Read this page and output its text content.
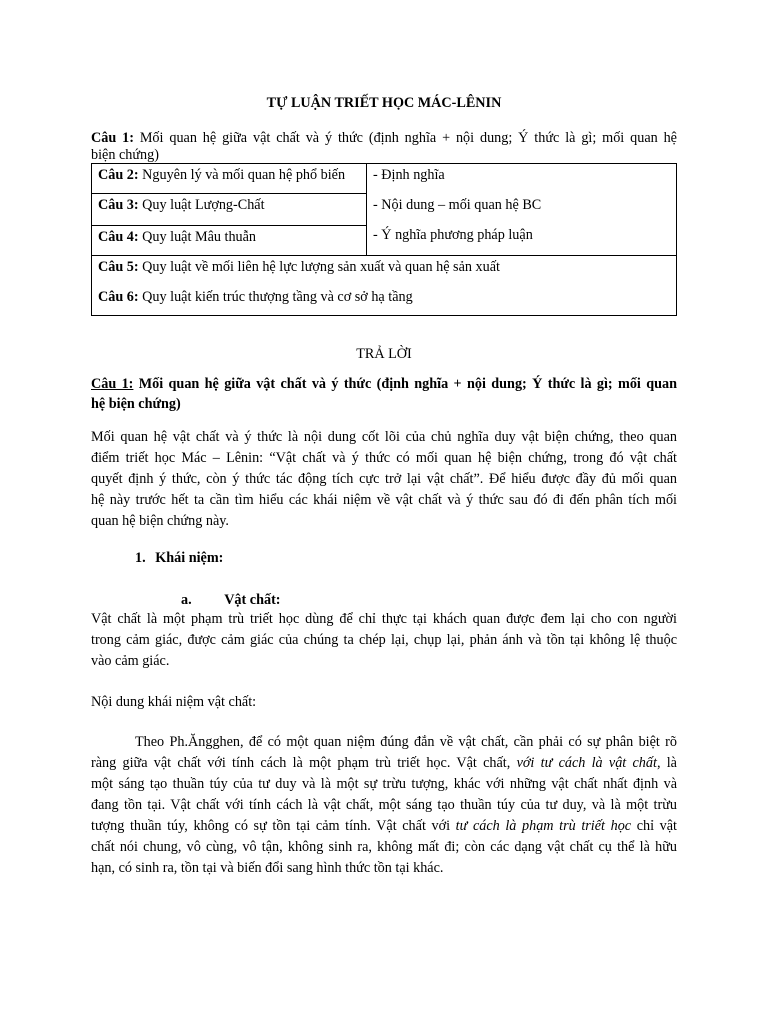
TỰ LUẬN TRIẾT HỌC MÁC-LÊNIN
Câu 1: Mối quan hệ giữa vật chất và ý thức (định nghĩa + nội dung; Ý thức là gì; mối quan hệ
biện chứng)
Câu 2: Nguyên lý và mối quan hệ phổ biến	- Định nghĩa
- Nội dung – mối quan hệ BC
- Ý nghĩa phương pháp luận

Câu 3: Quy luật Lượng-Chất
Câu 4: Quy luật Mâu thuẫn

Câu 5: Quy luật về mối liên hệ lực lượng sản xuất và quan hệ sản xuất
Câu 6: Quy luật kiến trúc thượng tầng và cơ sở hạ tầng
TRẢ LỜI
Câu 1: Mối quan hệ giữa vật chất và ý thức (định nghĩa + nội dung; Ý thức là gì; mối quan
hệ biện chứng)
Mối quan hệ vật chất và ý thức là nội dung cốt lõi của chủ nghĩa duy vật biện chứng, theo quan
điểm triết học Mác – Lênin: “Vật chất và ý thức có mối quan hệ biện chứng, trong đó vật chất
quyết định ý thức, còn ý thức tác động tích cực trở lại vật chất”. Để hiểu được đầy đủ mối quan
hệ này trước hết ta cần tìm hiểu các khái niệm về vật chất và ý thức sau đó đi đến phân tích mối
quan hệ biện chứng này.
1. Khái niệm:
a. Vật chất:
Vật chất là một phạm trù triết học dùng để chỉ thực tại khách quan được đem lại cho con người
trong cảm giác, được cảm giác của chúng ta chép lại, chụp lại, phản ánh và tồn tại không lệ thuộc
vào cảm giác.
Nội dung khái niệm vật chất:
Theo Ph.Ăngghen, để có một quan niệm đúng đắn về vật chất, cần phải có sự phân biệt rõ
ràng giữa vật chất với tính cách là một phạm trù triết học. Vật chất, với tư cách là vật chất, là
một sáng tạo thuần túy của tư duy và là một sự trừu tượng, khác với những vật chất nhất định và
đang tồn tại. Vật chất với tính cách là vật chất, một sáng tạo thuần túy của tư duy, và là một trừu
tượng thuần túy, không có sự tồn tại cảm tính. Vật chất với tư cách là phạm trù triết học chỉ vật
chất nói chung, vô cùng, vô tận, không sinh ra, không mất đi; còn các dạng vật chất cụ thể là hữu
hạn, có sinh ra, tồn tại và biến đổi sang hình thức tồn tại khác.
